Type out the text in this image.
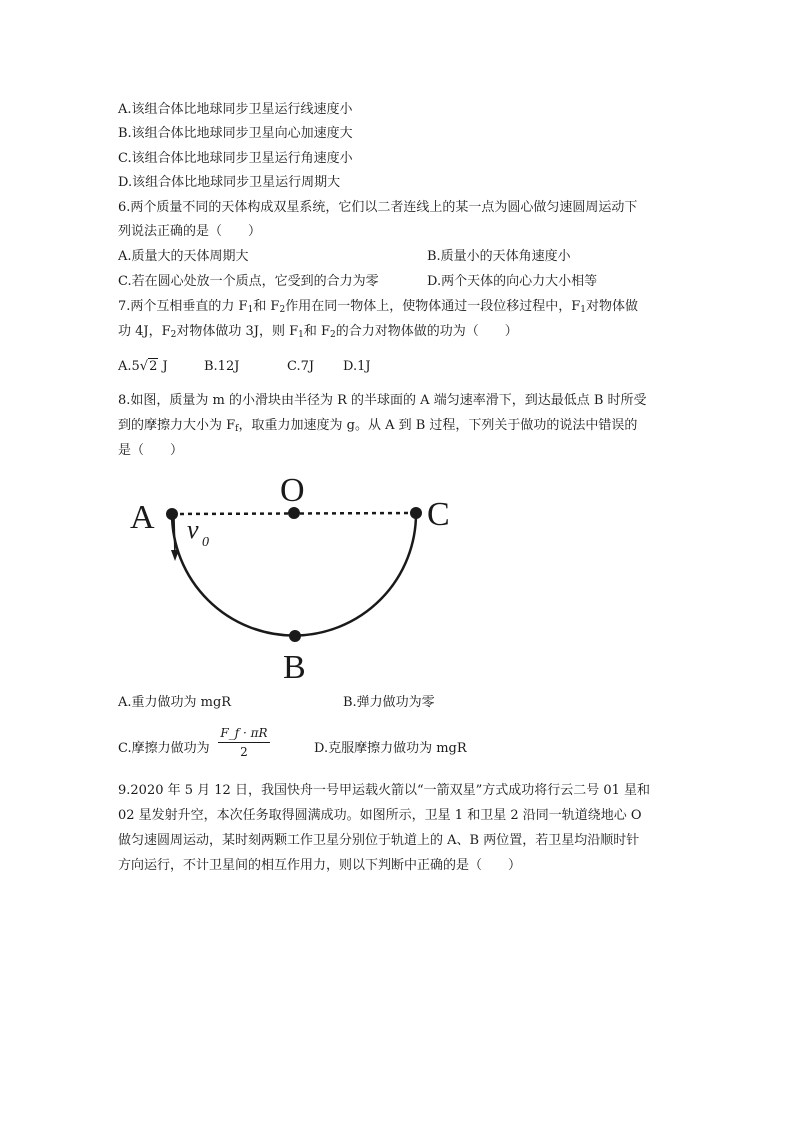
A.该组合体比地球同步卫星运行线速度小
B.该组合体比地球同步卫星向心加速度大
C.该组合体比地球同步卫星运行角速度小
D.该组合体比地球同步卫星运行周期大
6.两个质量不同的天体构成双星系统，它们以二者连线上的某一点为圆心做匀速圆周运动下
列说法正确的是（　　）
A.质量大的天体周期大	B.质量小的天体角速度小
C.若在圆心处放一个质点，它受到的合力为零	D.两个天体的向心力大小相等
7.两个互相垂直的力 $F_1$和 $F_2$作用在同一物体上，使物体通过一段位移过程中，$F_1$对物体做
功 4J，$F_2$对物体做功 3J，则 $F_1$和 $F_2$的合力对物体做的功为（　　）
A.5√2 J	B.12J	C.7J D.1J
8.如图，质量为 m 的小滑块由半径为 R 的半球面的 A 端匀速率滑下，到达最低点 B 时所受
到的摩擦力大小为 $F_f$，取重力加速度为 g。从 A 到 B 过程，下列关于做功的说法中错误的
是（　　）
A
O
C
B
v 0
A.重力做功为 mgR	B.弹力做功为零
C.摩擦力做功为 $\frac{F\_f \cdot \pi R}{2}$	D.克服摩擦力做功为 mgR
9.2020 年 5 月 12 日，我国快舟一号甲运载火箭以“一箭双星”方式成功将行云二号 01 星和
02 星发射升空，本次任务取得圆满成功。如图所示，卫星 1 和卫星 2 沿同一轨道绕地心 O
做匀速圆周运动，某时刻两颗工作卫星分别位于轨道上的 A、B 两位置，若卫星均沿顺时针
方向运行，不计卫星间的相互作用力，则以下判断中正确的是（　　）
